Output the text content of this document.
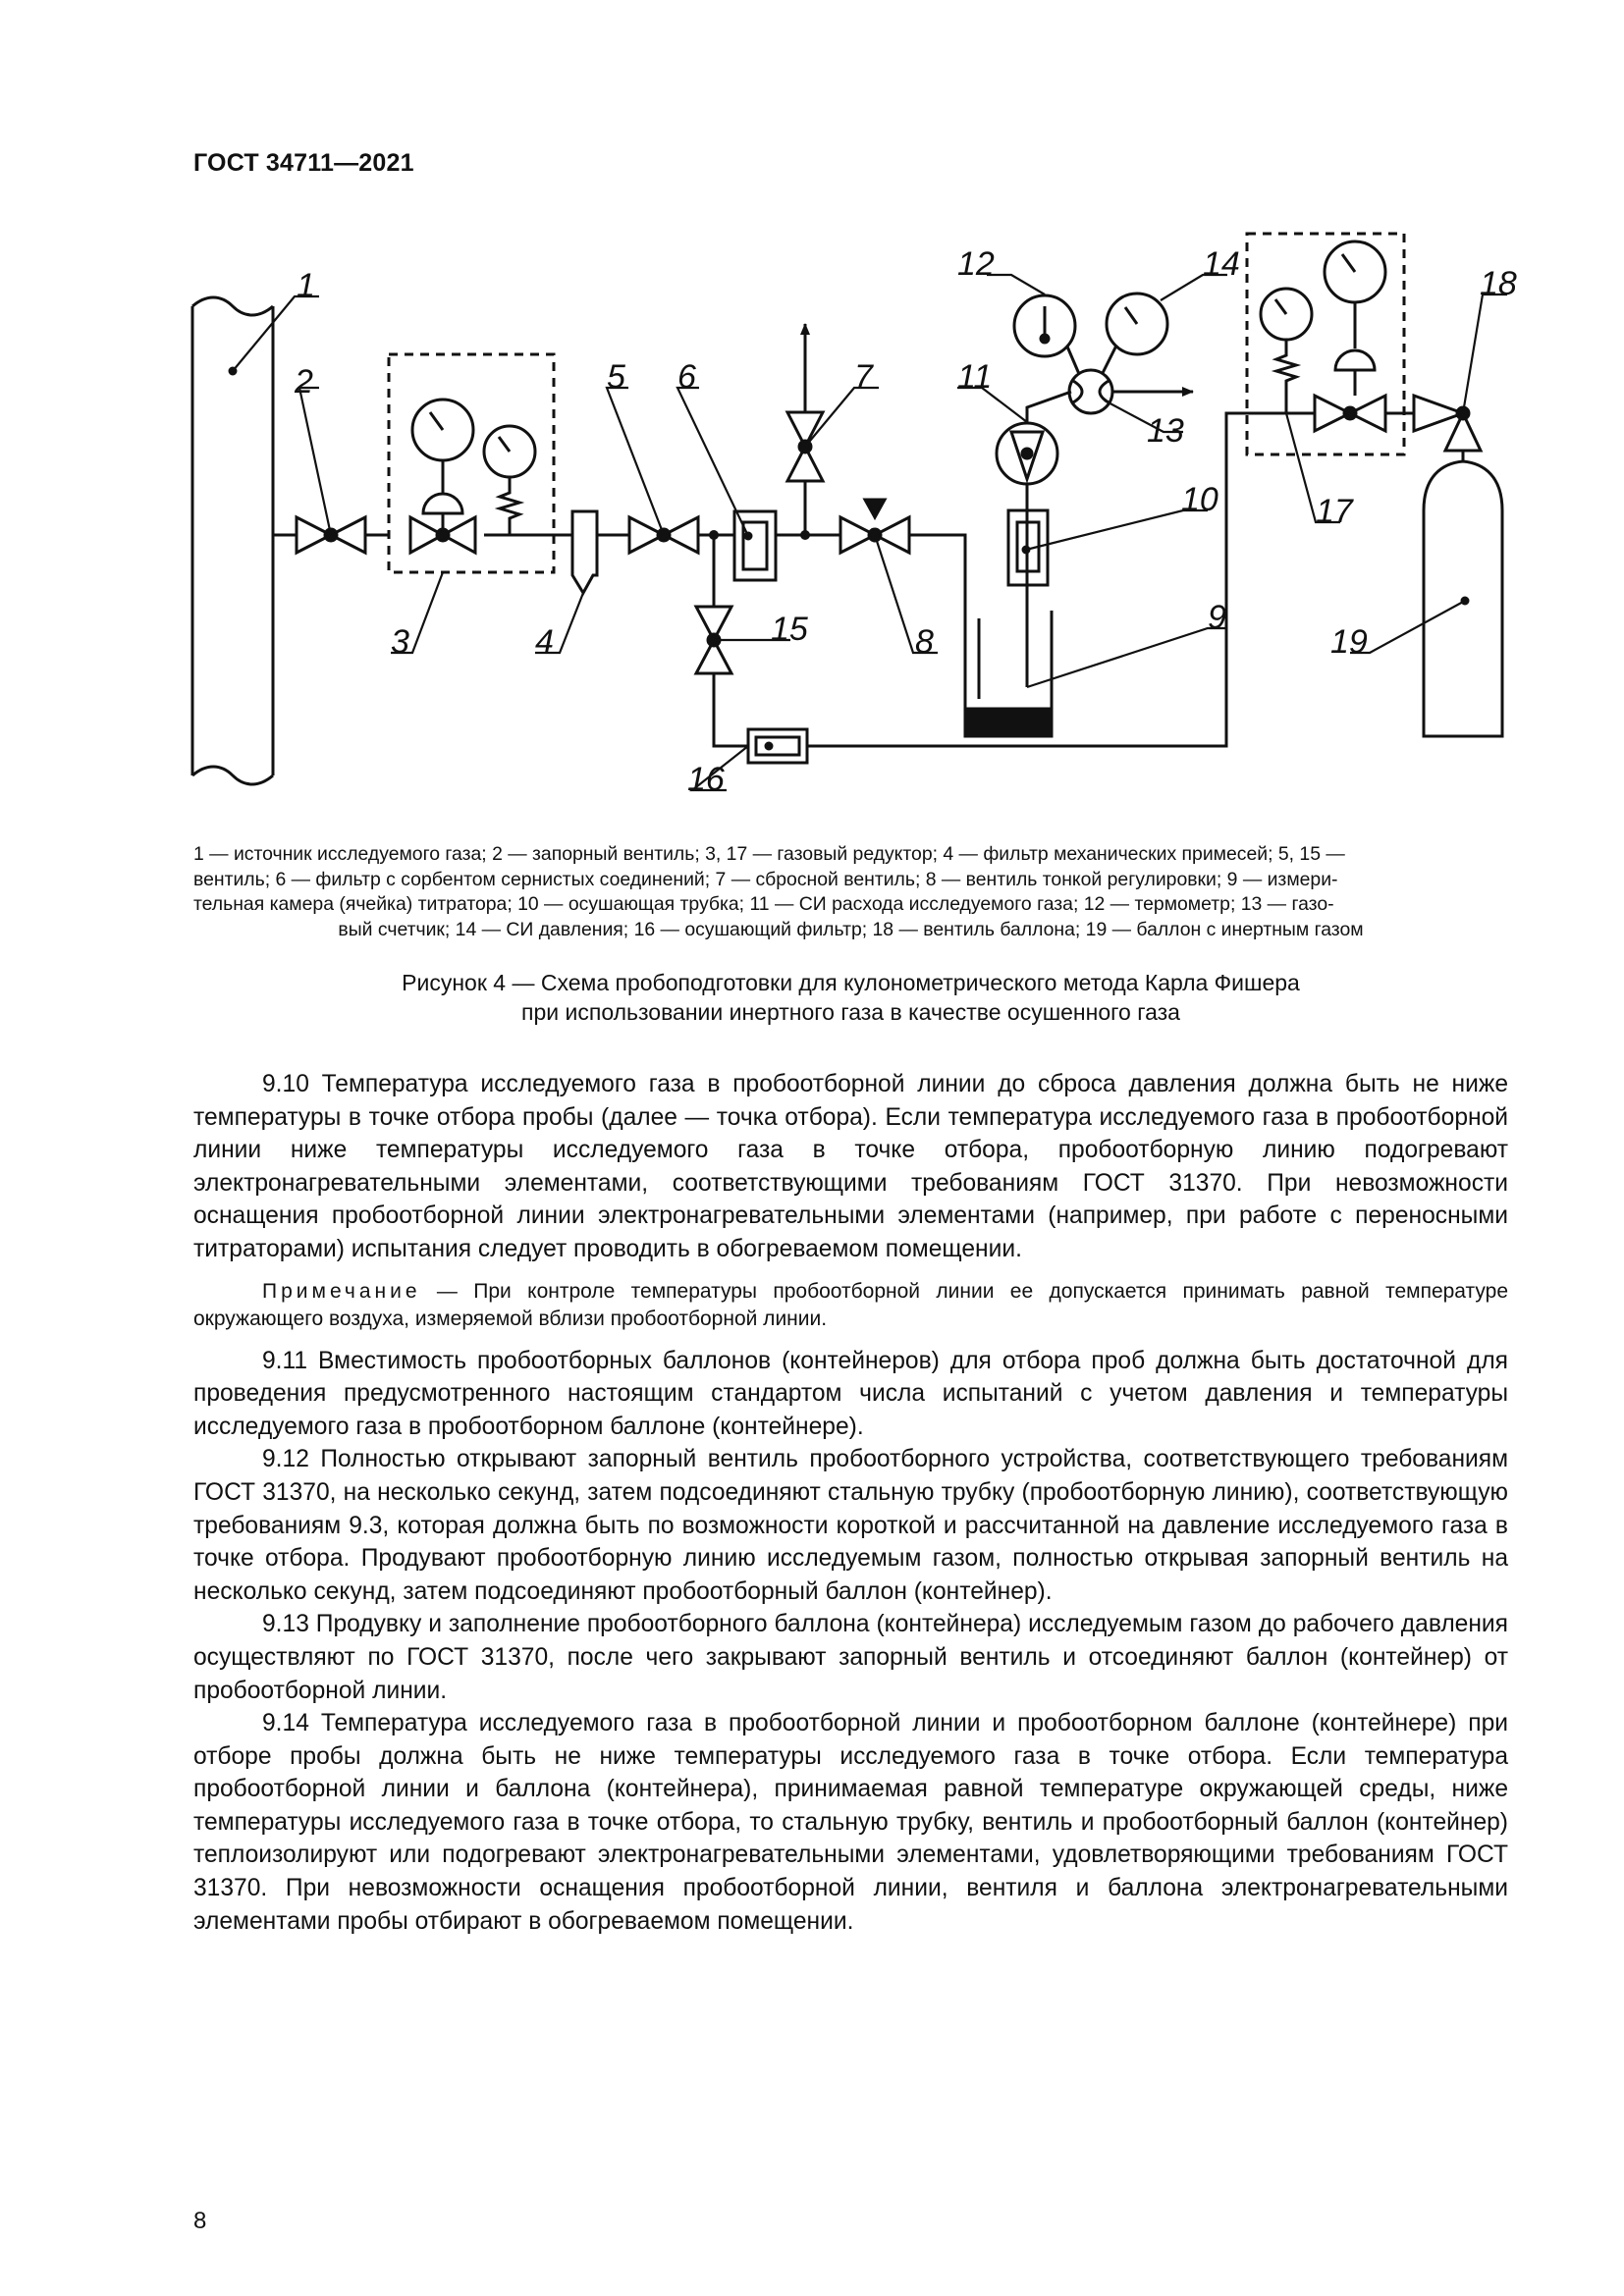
ГОСТ 34711—2021
1
2
3	4
5 6	7
8
9
10
11
12
13
14
15
16
17
18
19
1 — источник исследуемого газа; 2 — запорный вентиль; 3, 17 — газовый редуктор; 4 — фильтр механических примесей; 5, 15 —
вентиль; 6 — фильтр с сорбентом сернистых соединений; 7 — сбросной вентиль; 8 — вентиль тонкой регулировки; 9 — измери-
тельная камера (ячейка) титратора; 10 — осушающая трубка; 11 — СИ расхода исследуемого газа; 12 — термометр; 13 — газо-
вый счетчик; 14 — СИ давления; 16 — осушающий фильтр; 18 — вентиль баллона; 19 — баллон с инертным газом
Рисунок 4 — Схема пробоподготовки для кулонометрического метода Карла Фишера
при использовании инертного газа в качестве осушенного газа

9.10 Температура исследуемого газа в пробоотборной линии до сброса давления должна быть не ниже температуры в точке отбора пробы (далее — точка отбора). Если температура исследуемого газа в пробоотборной линии ниже температуры исследуемого газа в точке отбора, пробоотборную линию подогревают электронагревательными элементами, соответствующими требованиям ГОСТ 31370. При невозможности оснащения пробоотборной линии электронагревательными элементами (например, при работе с переносными титраторами) испытания следует проводить в обогреваемом помещении.

Примечание — При контроле температуры пробоотборной линии ее допускается принимать равной температуре окружающего воздуха, измеряемой вблизи пробоотборной линии.

9.11 Вместимость пробоотборных баллонов (контейнеров) для отбора проб должна быть достаточной для проведения предусмотренного настоящим стандартом числа испытаний с учетом давления и температуры исследуемого газа в пробоотборном баллоне (контейнере).

9.12 Полностью открывают запорный вентиль пробоотборного устройства, соответствующего требованиям ГОСТ 31370, на несколько секунд, затем подсоединяют стальную трубку (пробоотборную линию), соответствующую требованиям 9.3, которая должна быть по возможности короткой и рассчитанной на давление исследуемого газа в точке отбора. Продувают пробоотборную линию исследуемым газом, полностью открывая запорный вентиль на несколько секунд, затем подсоединяют пробоотборный баллон (контейнер).

9.13 Продувку и заполнение пробоотборного баллона (контейнера) исследуемым газом до рабочего давления осуществляют по ГОСТ 31370, после чего закрывают запорный вентиль и отсоединяют баллон (контейнер) от пробоотборной линии.

9.14 Температура исследуемого газа в пробоотборной линии и пробоотборном баллоне (контейнере) при отборе пробы должна быть не ниже температуры исследуемого газа в точке отбора. Если температура пробоотборной линии и баллона (контейнера), принимаемая равной температуре окружающей среды, ниже температуры исследуемого газа в точке отбора, то стальную трубку, вентиль и пробоотборный баллон (контейнер) теплоизолируют или подогревают электронагревательными элементами, удовлетворяющими требованиям ГОСТ 31370. При невозможности оснащения пробоотборной линии, вентиля и баллона электронагревательными элементами пробы отбирают в обогреваемом помещении.

8
